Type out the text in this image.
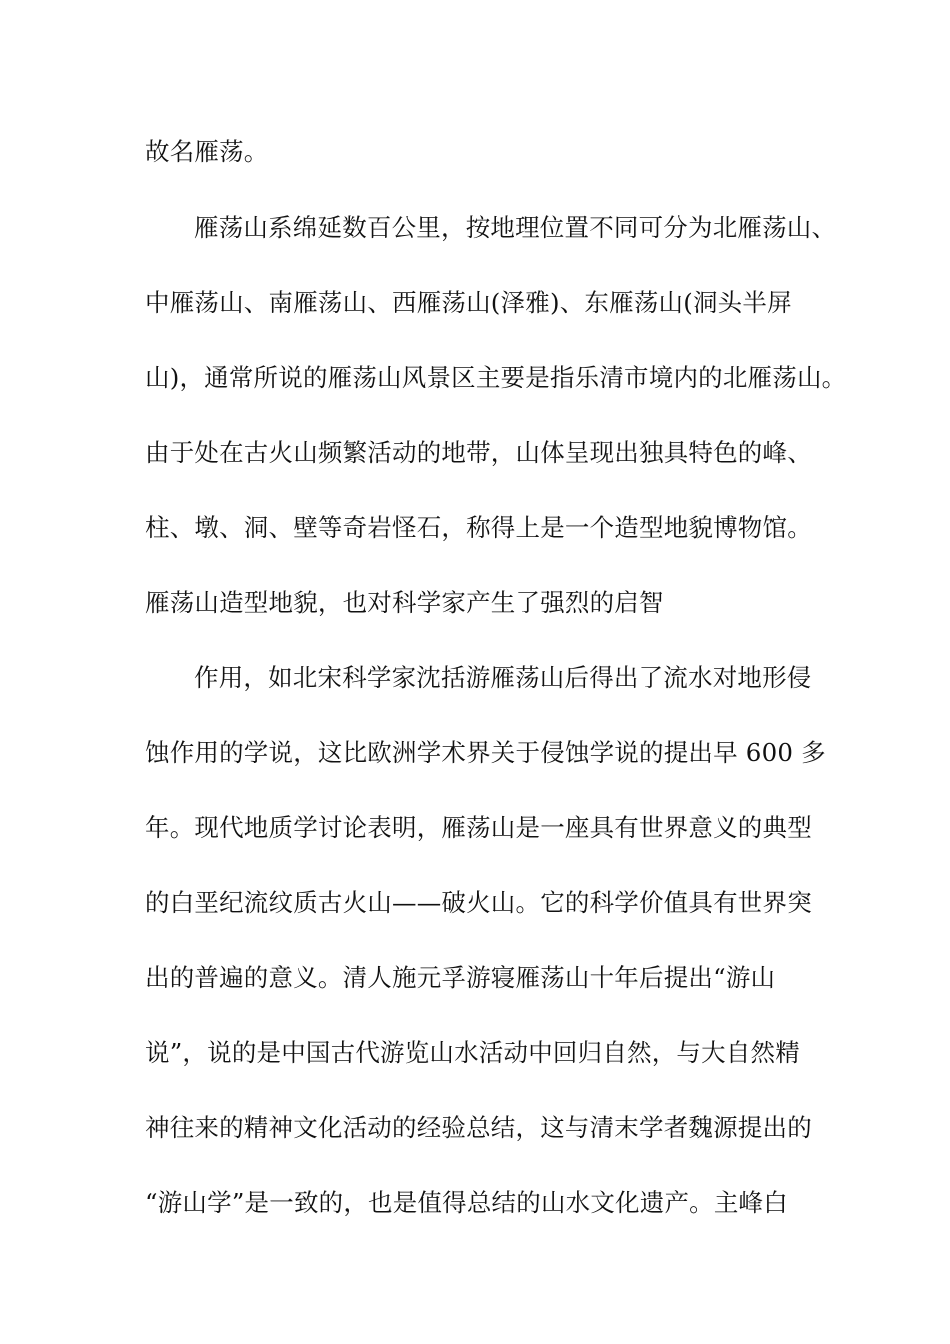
故名雁荡。
雁荡山系绵延数百公里，按地理位置不同可分为北雁荡山、
中雁荡山、南雁荡山、西雁荡山(泽雅)、东雁荡山(洞头半屏
山)，通常所说的雁荡山风景区主要是指乐清市境内的北雁荡山。
由于处在古火山频繁活动的地带，山体呈现出独具特色的峰、
柱、墩、洞、壁等奇岩怪石，称得上是一个造型地貌博物馆。
雁荡山造型地貌，也对科学家产生了强烈的启智
作用，如北宋科学家沈括游雁荡山后得出了流水对地形侵
蚀作用的学说，这比欧洲学术界关于侵蚀学说的提出早 600 多
年。现代地质学讨论表明，雁荡山是一座具有世界意义的典型
的白垩纪流纹质古火山——破火山。它的科学价值具有世界突
出的普遍的意义。清人施元孚游寝雁荡山十年后提出“游山
说”，说的是中国古代游览山水活动中回归自然，与大自然精
神往来的精神文化活动的经验总结，这与清末学者魏源提出的
“游山学”是一致的，也是值得总结的山水文化遗产。主峰白
